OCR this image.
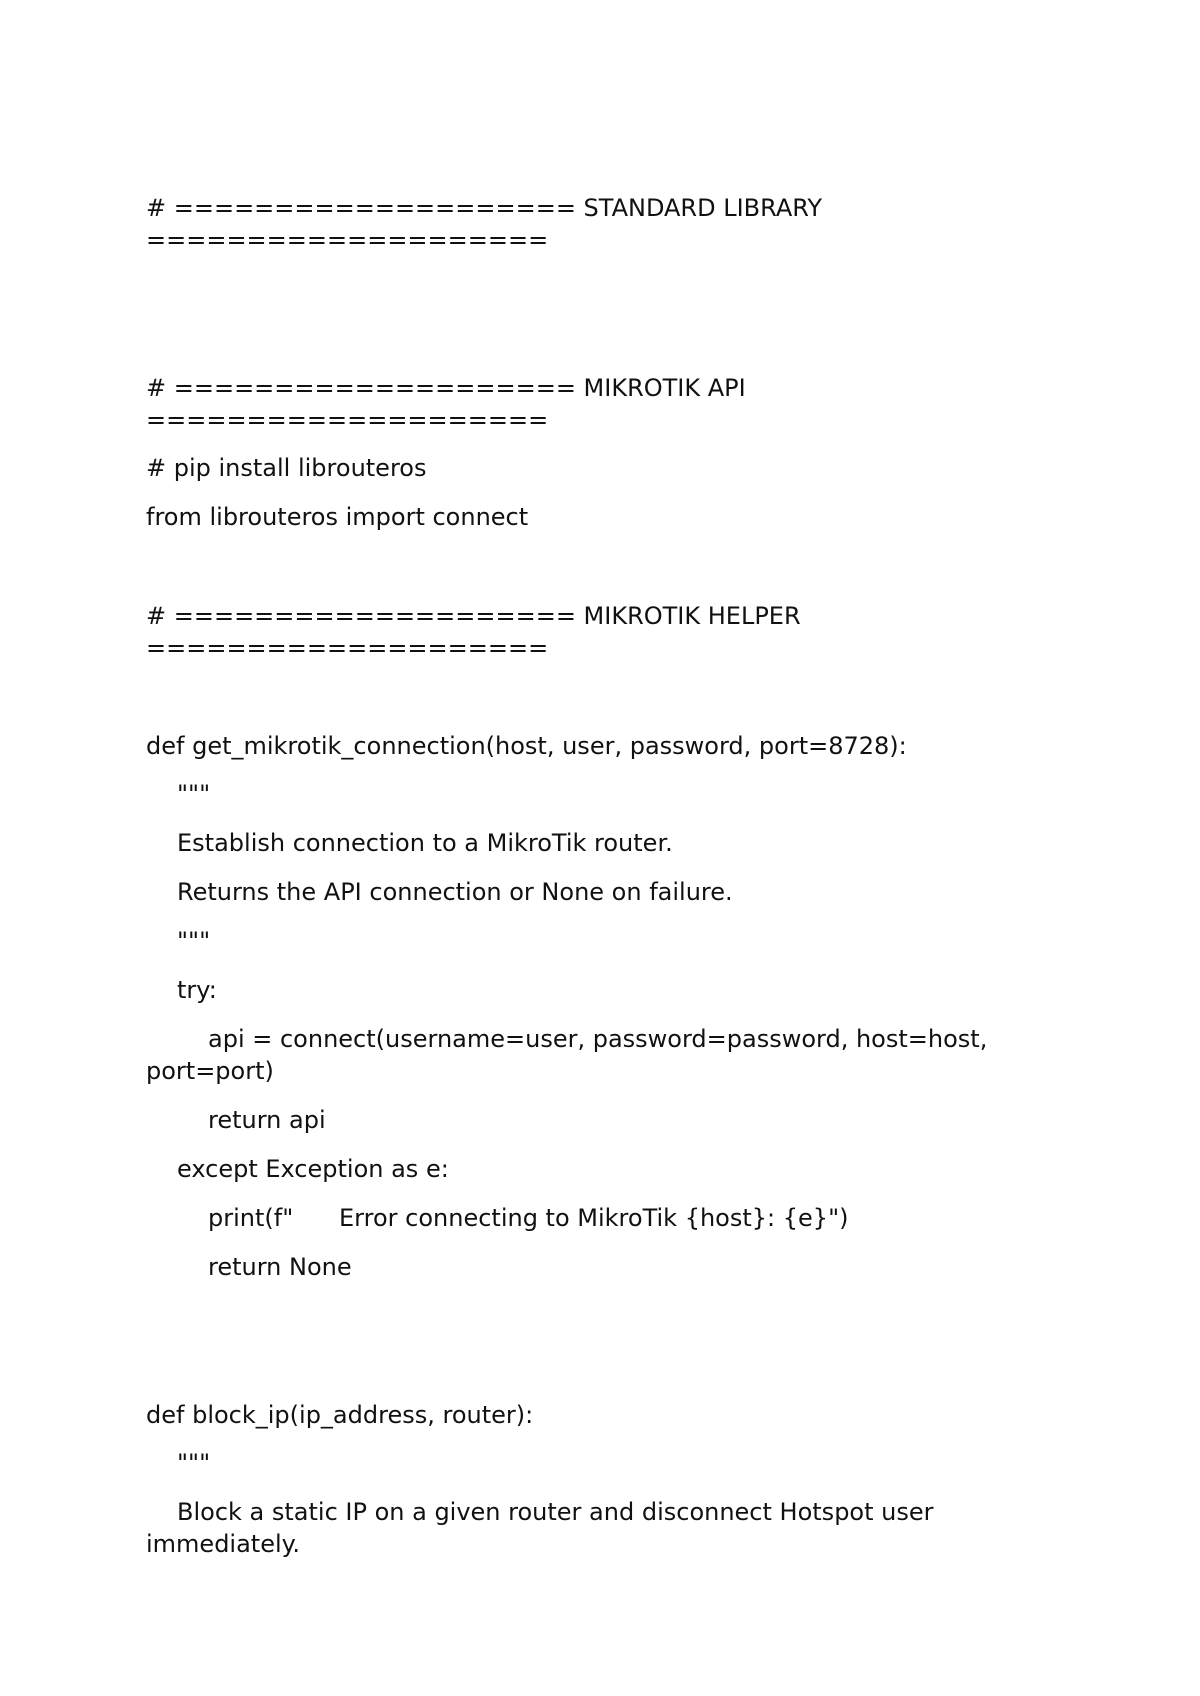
# ==================== STANDARD LIBRARY
====================
# ==================== MIKROTIK API
====================
# pip install librouteros
from librouteros import connect
# ==================== MIKROTIK HELPER
====================
def get_mikrotik_connection(host, user, password, port=8728):
"""
Establish connection to a MikroTik router.
Returns the API connection or None on failure.
"""
try:
api = connect(username=user, password=password, host=host,
port=port)
return api
except Exception as e:
print(f"      Error connecting to MikroTik {host}: {e}")
return None
def block_ip(ip_address, router):
"""
Block a static IP on a given router and disconnect Hotspot user
immediately.
